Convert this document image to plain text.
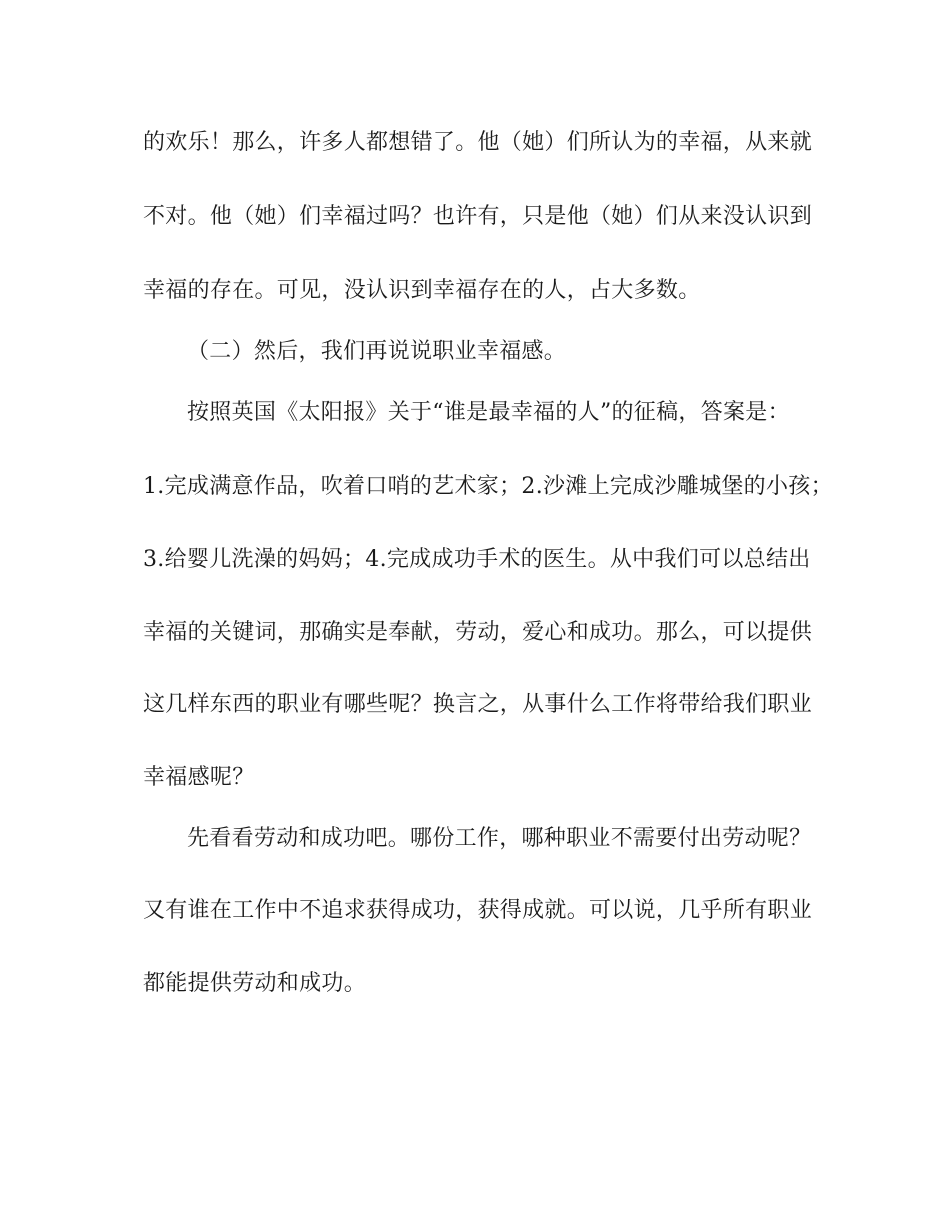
的欢乐！那么，许多人都想错了。他（她）们所认为的幸福，从来就
不对。他（她）们幸福过吗？也许有，只是他（她）们从来没认识到
幸福的存在。可见，没认识到幸福存在的人，占大多数。
（二）然后，我们再说说职业幸福感。
按照英国《太阳报》关于“谁是最幸福的人”的征稿，答案是：
1.完成满意作品，吹着口哨的艺术家；2.沙滩上完成沙雕城堡的小孩；
3.给婴儿洗澡的妈妈；4.完成成功手术的医生。从中我们可以总结出
幸福的关键词，那确实是奉献，劳动，爱心和成功。那么，可以提供
这几样东西的职业有哪些呢？换言之，从事什么工作将带给我们职业
幸福感呢？
先看看劳动和成功吧。哪份工作，哪种职业不需要付出劳动呢？
又有谁在工作中不追求获得成功，获得成就。可以说，几乎所有职业
都能提供劳动和成功。
